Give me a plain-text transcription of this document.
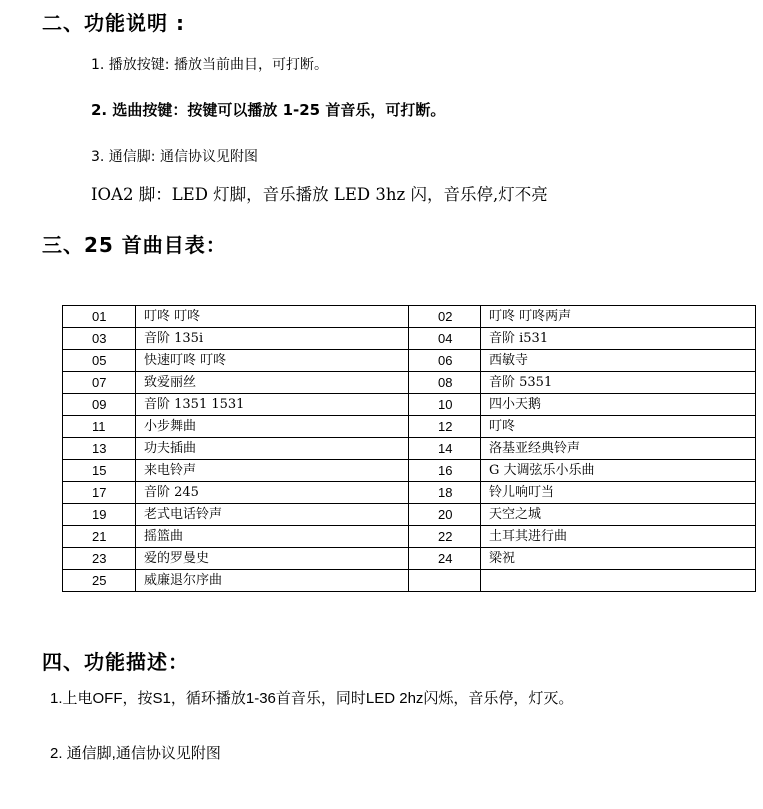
二、功能说明 :
1. 播放按键: 播放当前曲目，可打断。
2. 选曲按键：按键可以播放 1-25 首音乐，可打断。
3. 通信脚: 通信协议见附图
IOA2 脚：LED 灯脚，音乐播放 LED 3hz 闪，音乐停,灯不亮
三、25 首曲目表：
01	叮咚 叮咚	02	叮咚 叮咚两声
03	音阶 135i	04	音阶 i531
05	快速叮咚 叮咚	06	西敏寺
07	致爱丽丝	08	音阶 5351
09	音阶 1351 1531	10	四小天鹅
11	小步舞曲	12	叮咚
13	功夫插曲	14	洛基亚经典铃声
15	来电铃声	16	G 大调弦乐小乐曲
17	音阶 245	18	铃儿响叮当
19	老式电话铃声	20	天空之城
21	摇篮曲	22	土耳其进行曲
23	爱的罗曼史	24	梁祝
25	威廉退尔序曲		
四、功能描述：
1.上电OFF，按S1，循环播放1-36首音乐，同时LED 2hz闪烁，音乐停，灯灭。
2. 通信脚,通信协议见附图
